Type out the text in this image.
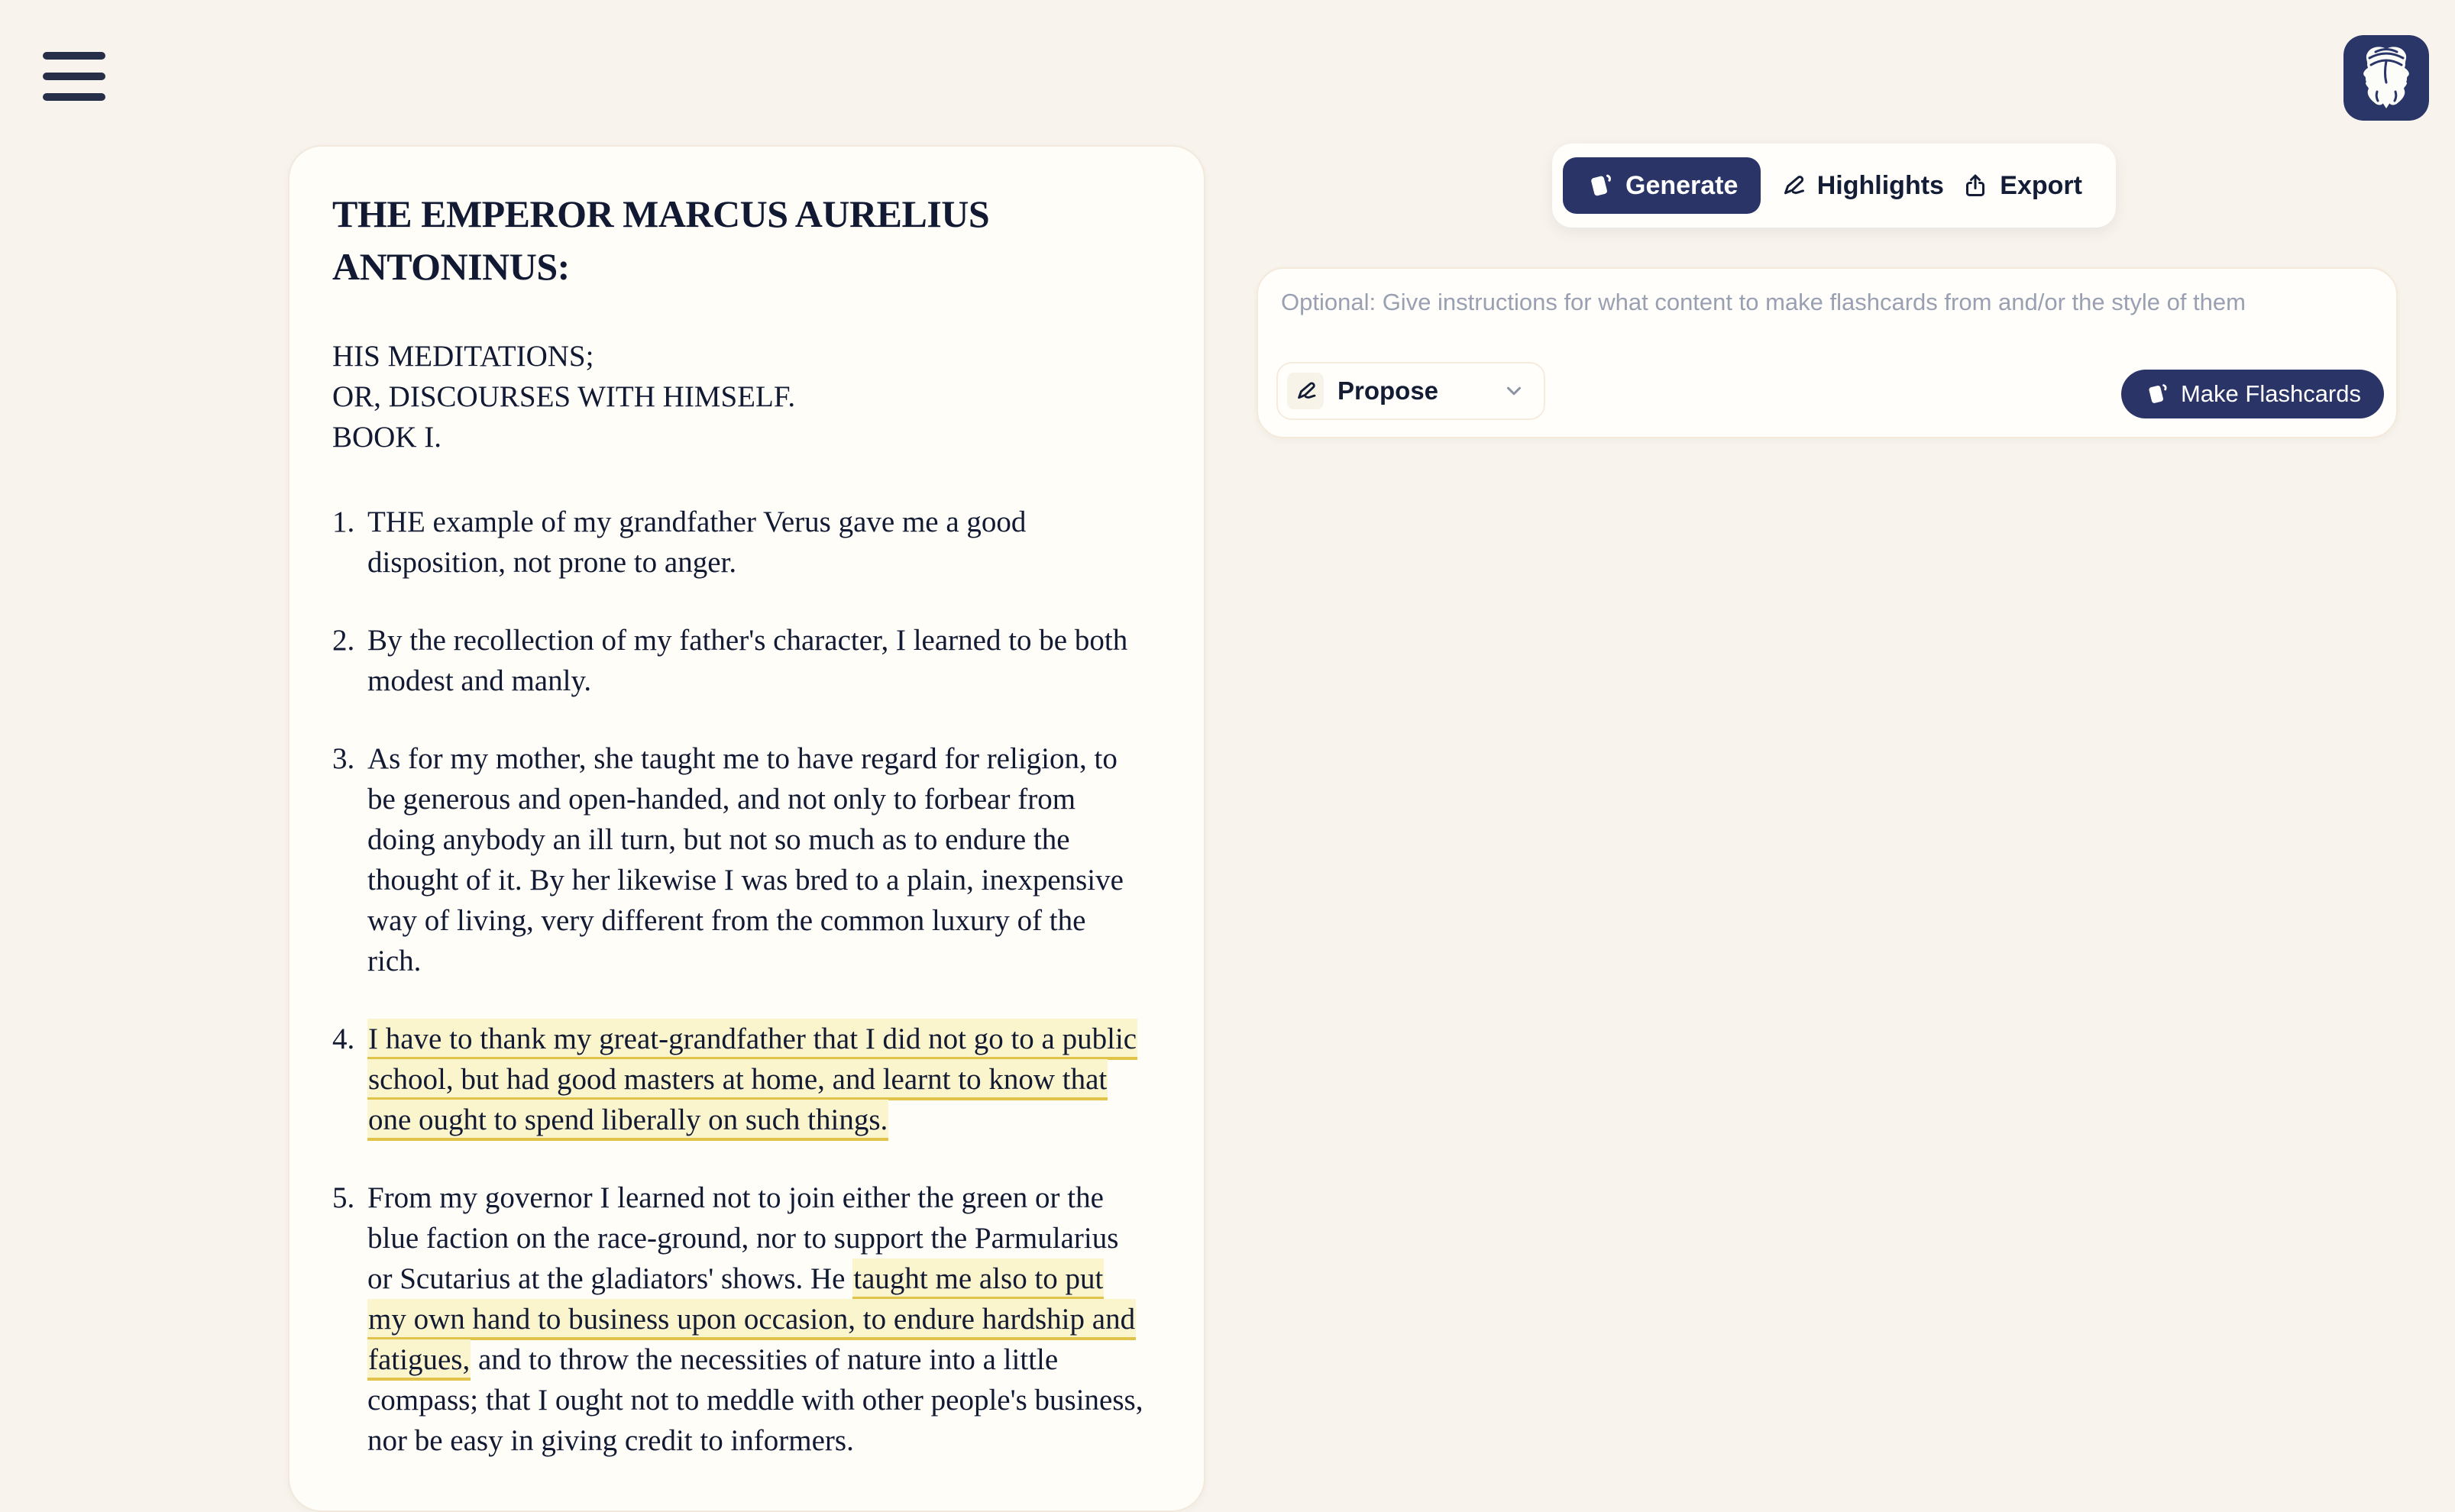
THE EMPEROR MARCUS AURELIUS ANTONINUS:
HIS MEDITATIONS;
OR, DISCOURSES WITH HIMSELF.
BOOK I.
1. THE example of my grandfather Verus gave me a good disposition, not prone to anger.
2. By the recollection of my father's character, I learned to be both modest and manly.
3. As for my mother, she taught me to have regard for religion, to be generous and open-handed, and not only to forbear from doing anybody an ill turn, but not so much as to endure the thought of it. By her likewise I was bred to a plain, inexpensive way of living, very different from the common luxury of the rich.
4. I have to thank my great-grandfather that I did not go to a public school, but had good masters at home, and learnt to know that one ought to spend liberally on such things.
5. From my governor I learned not to join either the green or the blue faction on the race-ground, nor to support the Parmularius or Scutarius at the gladiators' shows. He taught me also to put my own hand to business upon occasion, to endure hardship and fatigues, and to throw the necessities of nature into a little compass; that I ought not to meddle with other people's business, nor be easy in giving credit to informers.
Generate	Highlights Export
Optional: Give instructions for what content to make flashcards from and/or the style of them
Propose	Make Flashcards
